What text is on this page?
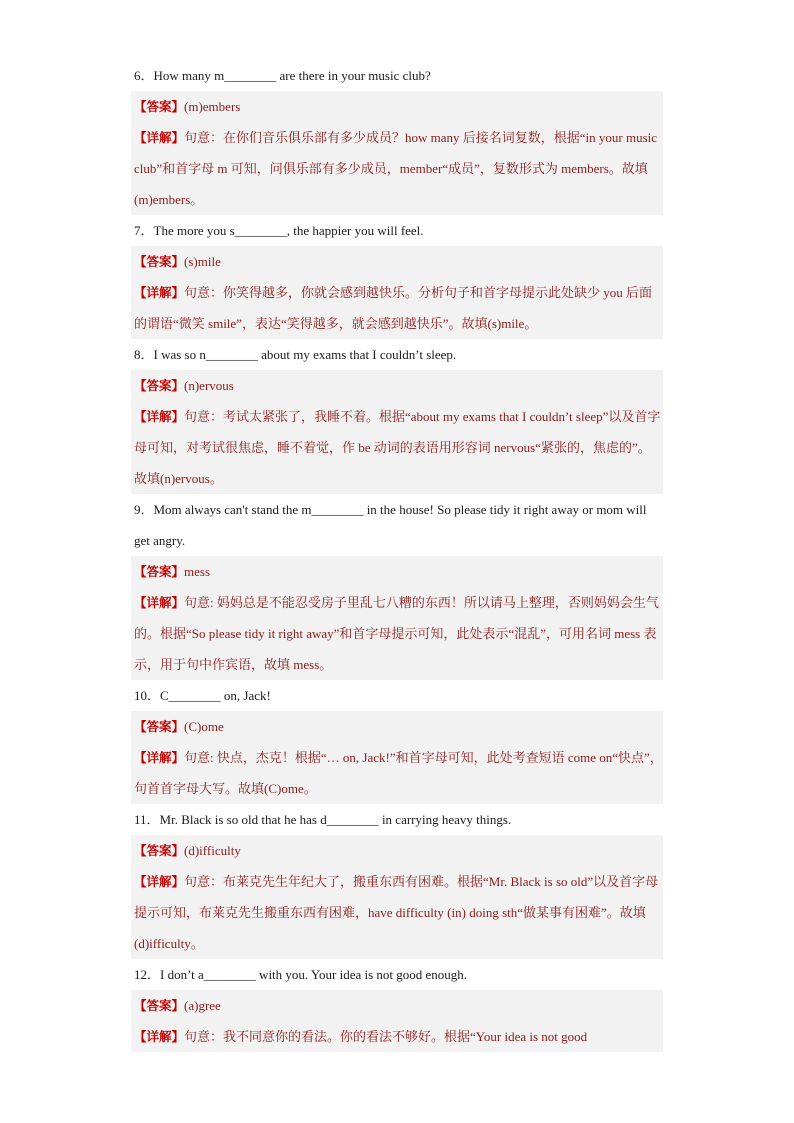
6．How many m________ are there in your music club?

【答案】(m)embers

【详解】句意：在你们音乐俱乐部有多少成员？how many 后接名词复数，根据“in your music club”和首字母 m 可知，问俱乐部有多少成员，member“成员”，复数形式为 members。故填(m)embers。

7．The more you s________, the happier you will feel.

【答案】(s)mile

【详解】句意：你笑得越多，你就会感到越快乐。分析句子和首字母提示此处缺少 you 后面的谓语“微笑 smile”，表达“笑得越多，就会感到越快乐”。故填(s)mile。

8．I was so n________ about my exams that I couldn’t sleep.

【答案】(n)ervous

【详解】句意：考试太紧张了，我睡不着。根据“about my exams that I couldn’t sleep”以及首字母可知，对考试很焦虑，睡不着觉，作 be 动词的表语用形容词 nervous“紧张的，焦虑的”。故填(n)ervous。

9．Mom always can't stand the m________ in the house! So please tidy it right away or mom will get angry.

【答案】mess

【详解】句意: 妈妈总是不能忍受房子里乱七八糟的东西！所以请马上整理，否则妈妈会生气的。根据“So please tidy it right away”和首字母提示可知，此处表示“混乱”，可用名词 mess 表示，用于句中作宾语，故填 mess。

10．C________ on, Jack!

【答案】(C)ome

【详解】句意: 快点，杰克！根据“… on, Jack!”和首字母可知，此处考查短语 come on“快点”，句首首字母大写。故填(C)ome。

11．Mr. Black is so old that he has d________ in carrying heavy things.

【答案】(d)ifficulty

【详解】句意：布莱克先生年纪大了，搬重东西有困难。根据“Mr. Black is so old”以及首字母提示可知，布莱克先生搬重东西有困难，have difficulty (in) doing sth“做某事有困难”。故填(d)ifficulty。

12．I don’t a________ with you. Your idea is not good enough.

【答案】(a)gree

【详解】句意：我不同意你的看法。你的看法不够好。根据“Your idea is not good
